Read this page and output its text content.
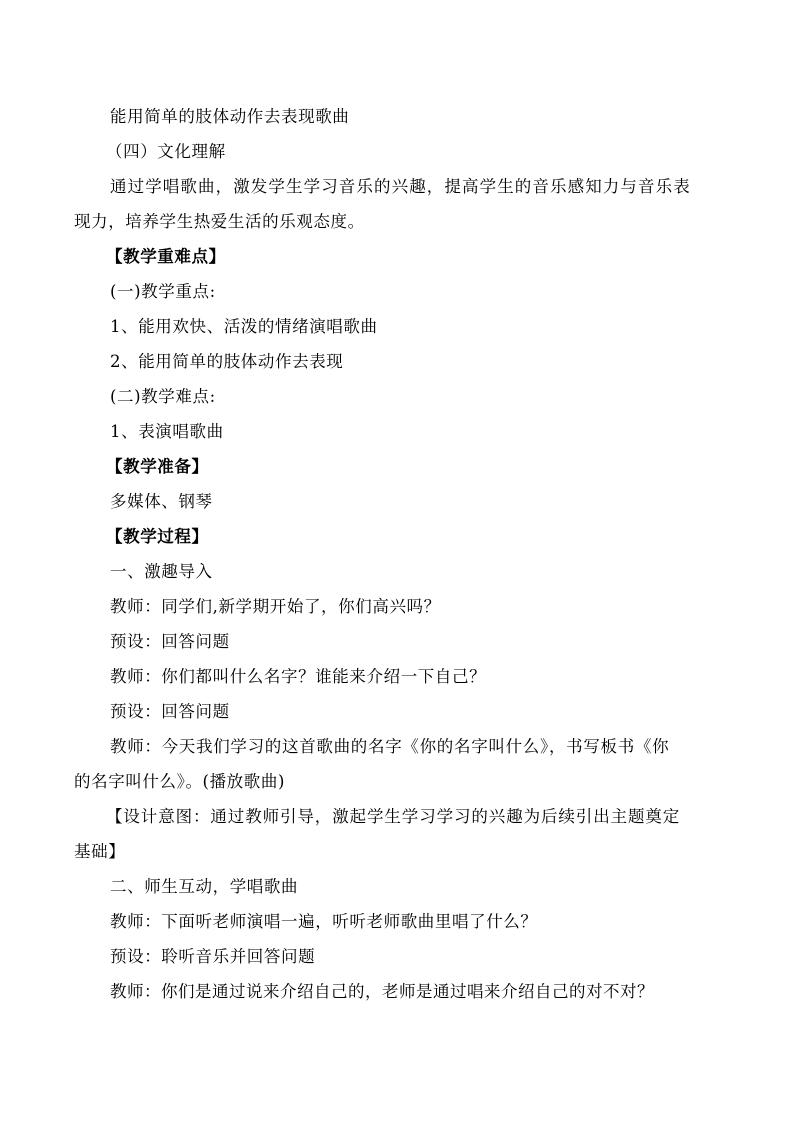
能用简单的肢体动作去表现歌曲
（四）文化理解
通过学唱歌曲，激发学生学习音乐的兴趣，提高学生的音乐感知力与音乐表
现力，培养学生热爱生活的乐观态度。
【教学重难点】
(一)教学重点:
1、能用欢快、活泼的情绪演唱歌曲
2、能用简单的肢体动作去表现
(二)教学难点:
1、表演唱歌曲
【教学准备】
多媒体、钢琴
【教学过程】
一、激趣导入
教师：同学们,新学期开始了，你们高兴吗？
预设：回答问题
教师：你们都叫什么名字？谁能来介绍一下自己？
预设：回答问题
教师：今天我们学习的这首歌曲的名字《你的名字叫什么》，书写板书《你
的名字叫什么》。(播放歌曲)
【设计意图：通过教师引导，激起学生学习学习的兴趣为后续引出主题奠定
基础】
二、师生互动，学唱歌曲
教师：下面听老师演唱一遍，听听老师歌曲里唱了什么？
预设：聆听音乐并回答问题
教师：你们是通过说来介绍自己的，老师是通过唱来介绍自己的对不对？
